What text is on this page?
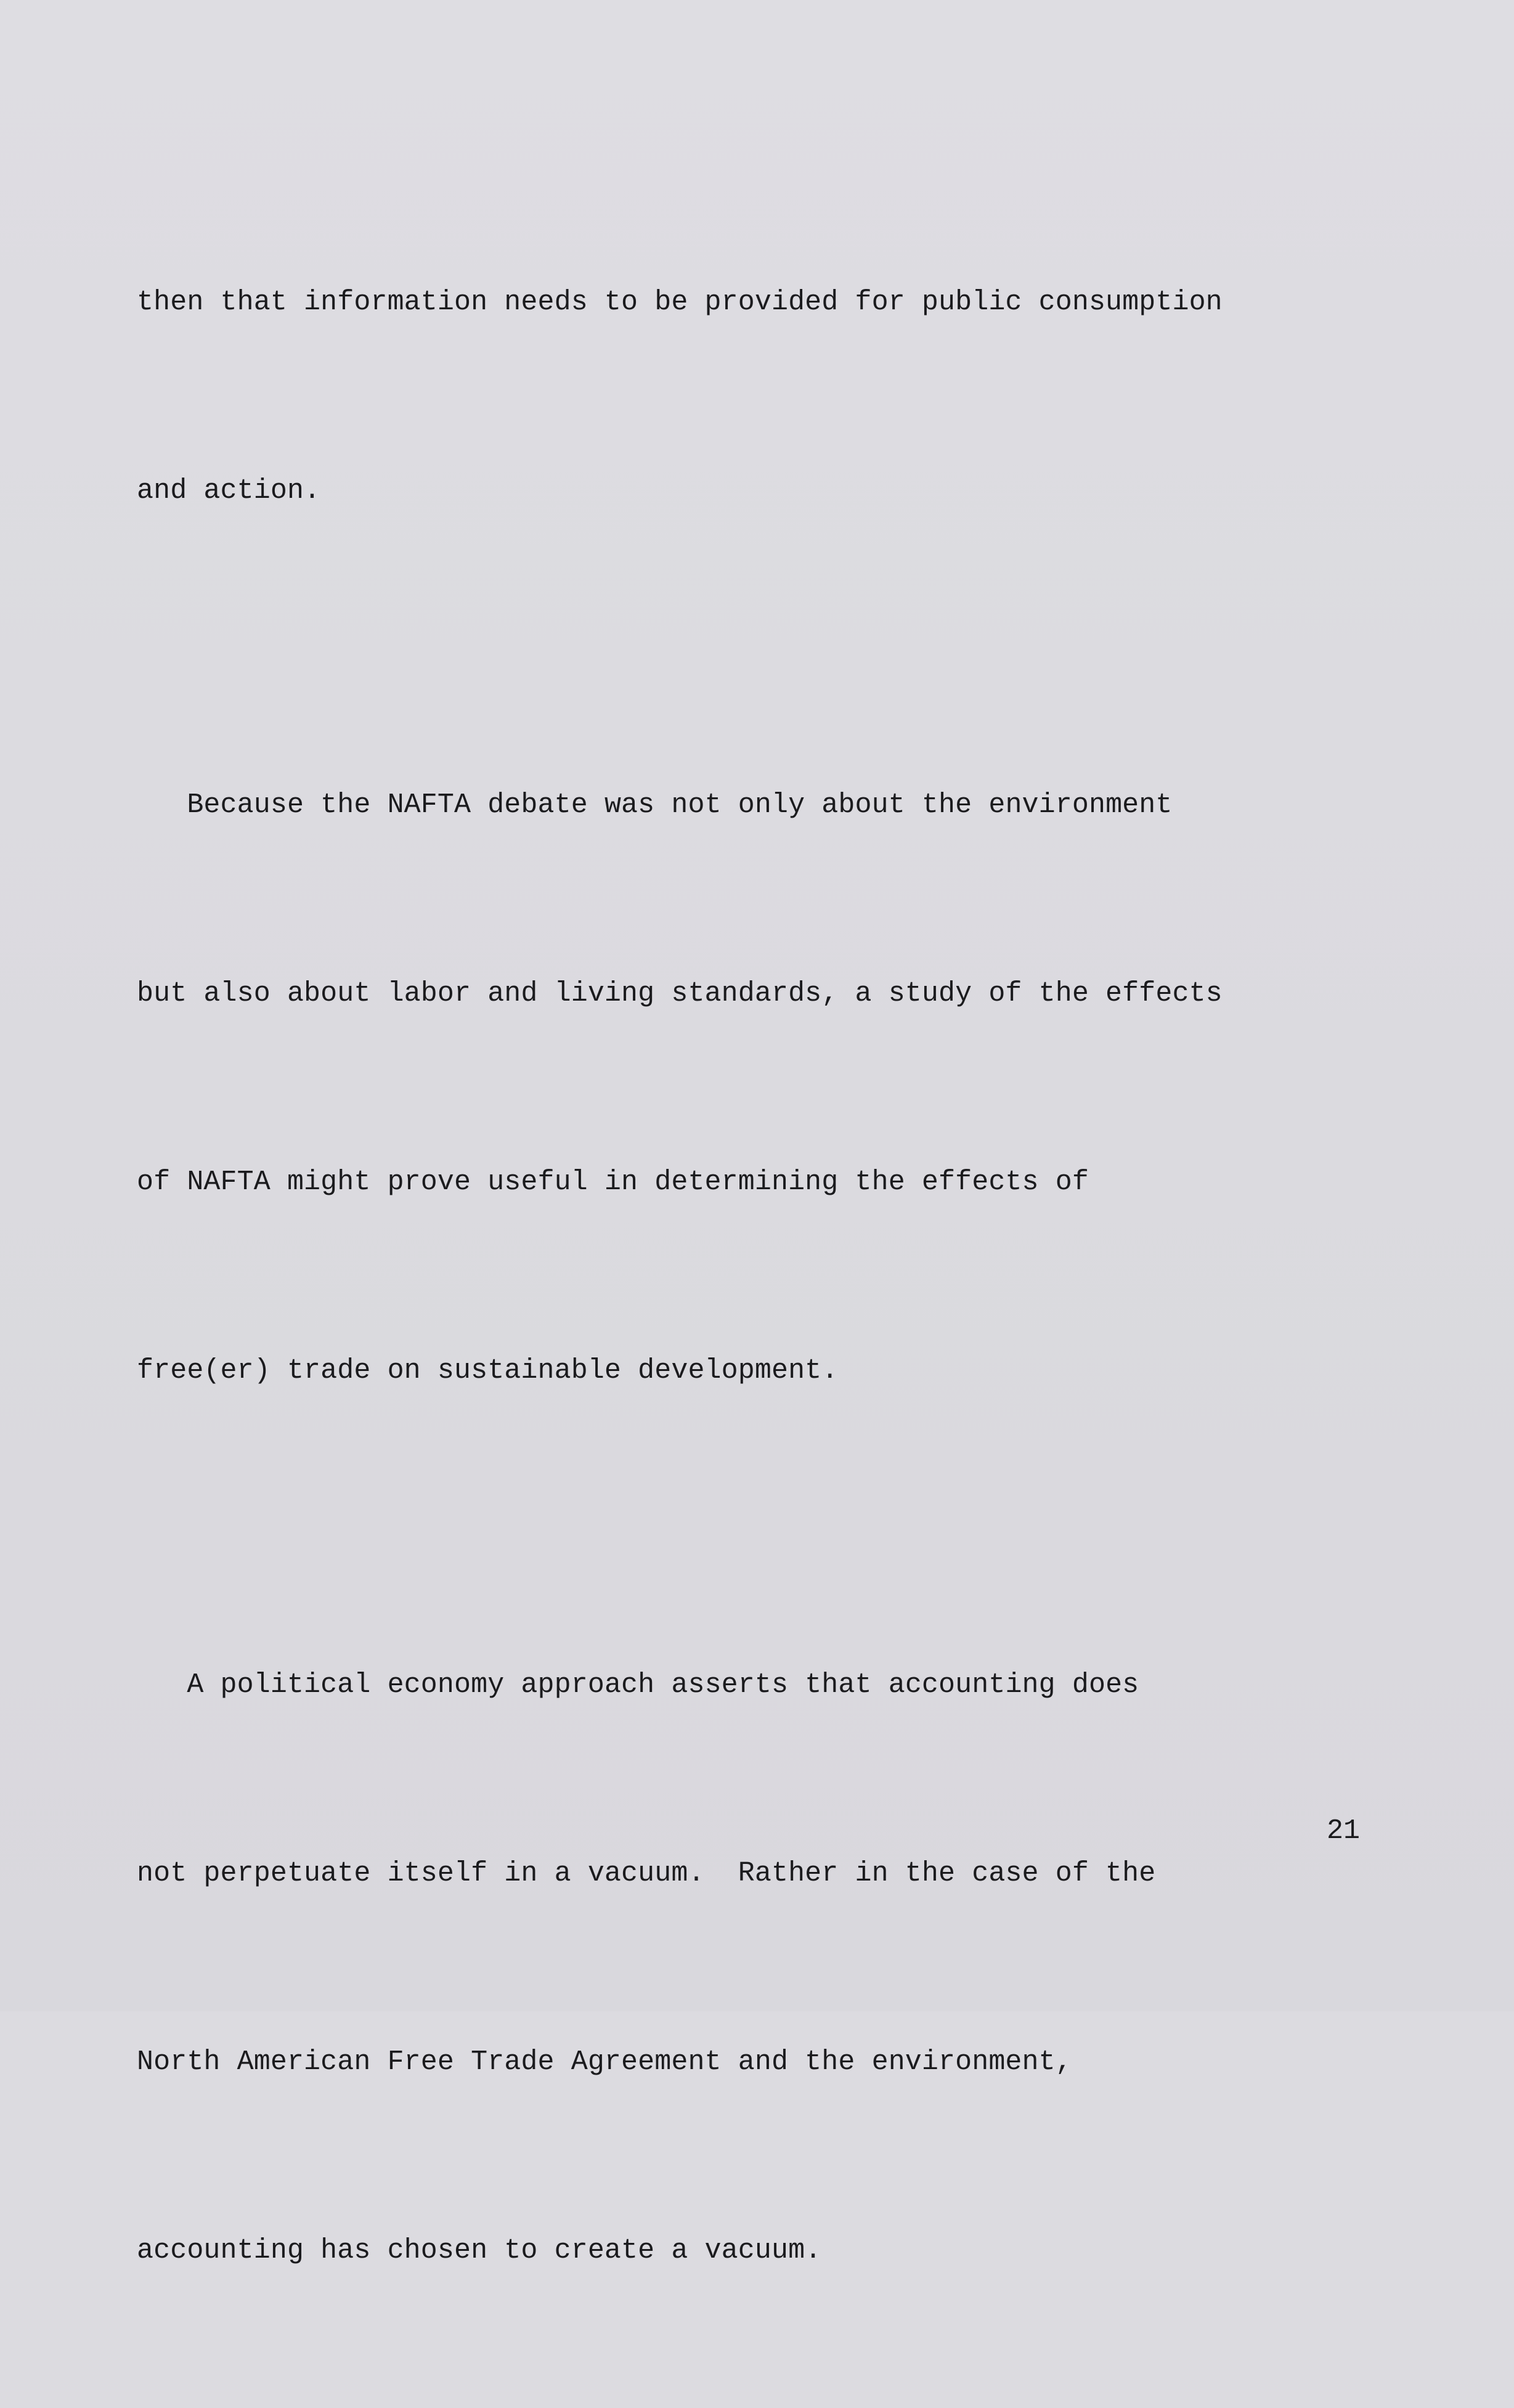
then that information needs to be provided for public consumption

and action.

Because the NAFTA debate was not only about the environment

but also about labor and living standards, a study of the effects

of NAFTA might prove useful in determining the effects of

free(er) trade on sustainable development.

A political economy approach asserts that accounting does

not perpetuate itself in a vacuum.  Rather in the case of the

North American Free Trade Agreement and the environment,

accounting has chosen to create a vacuum.

21
